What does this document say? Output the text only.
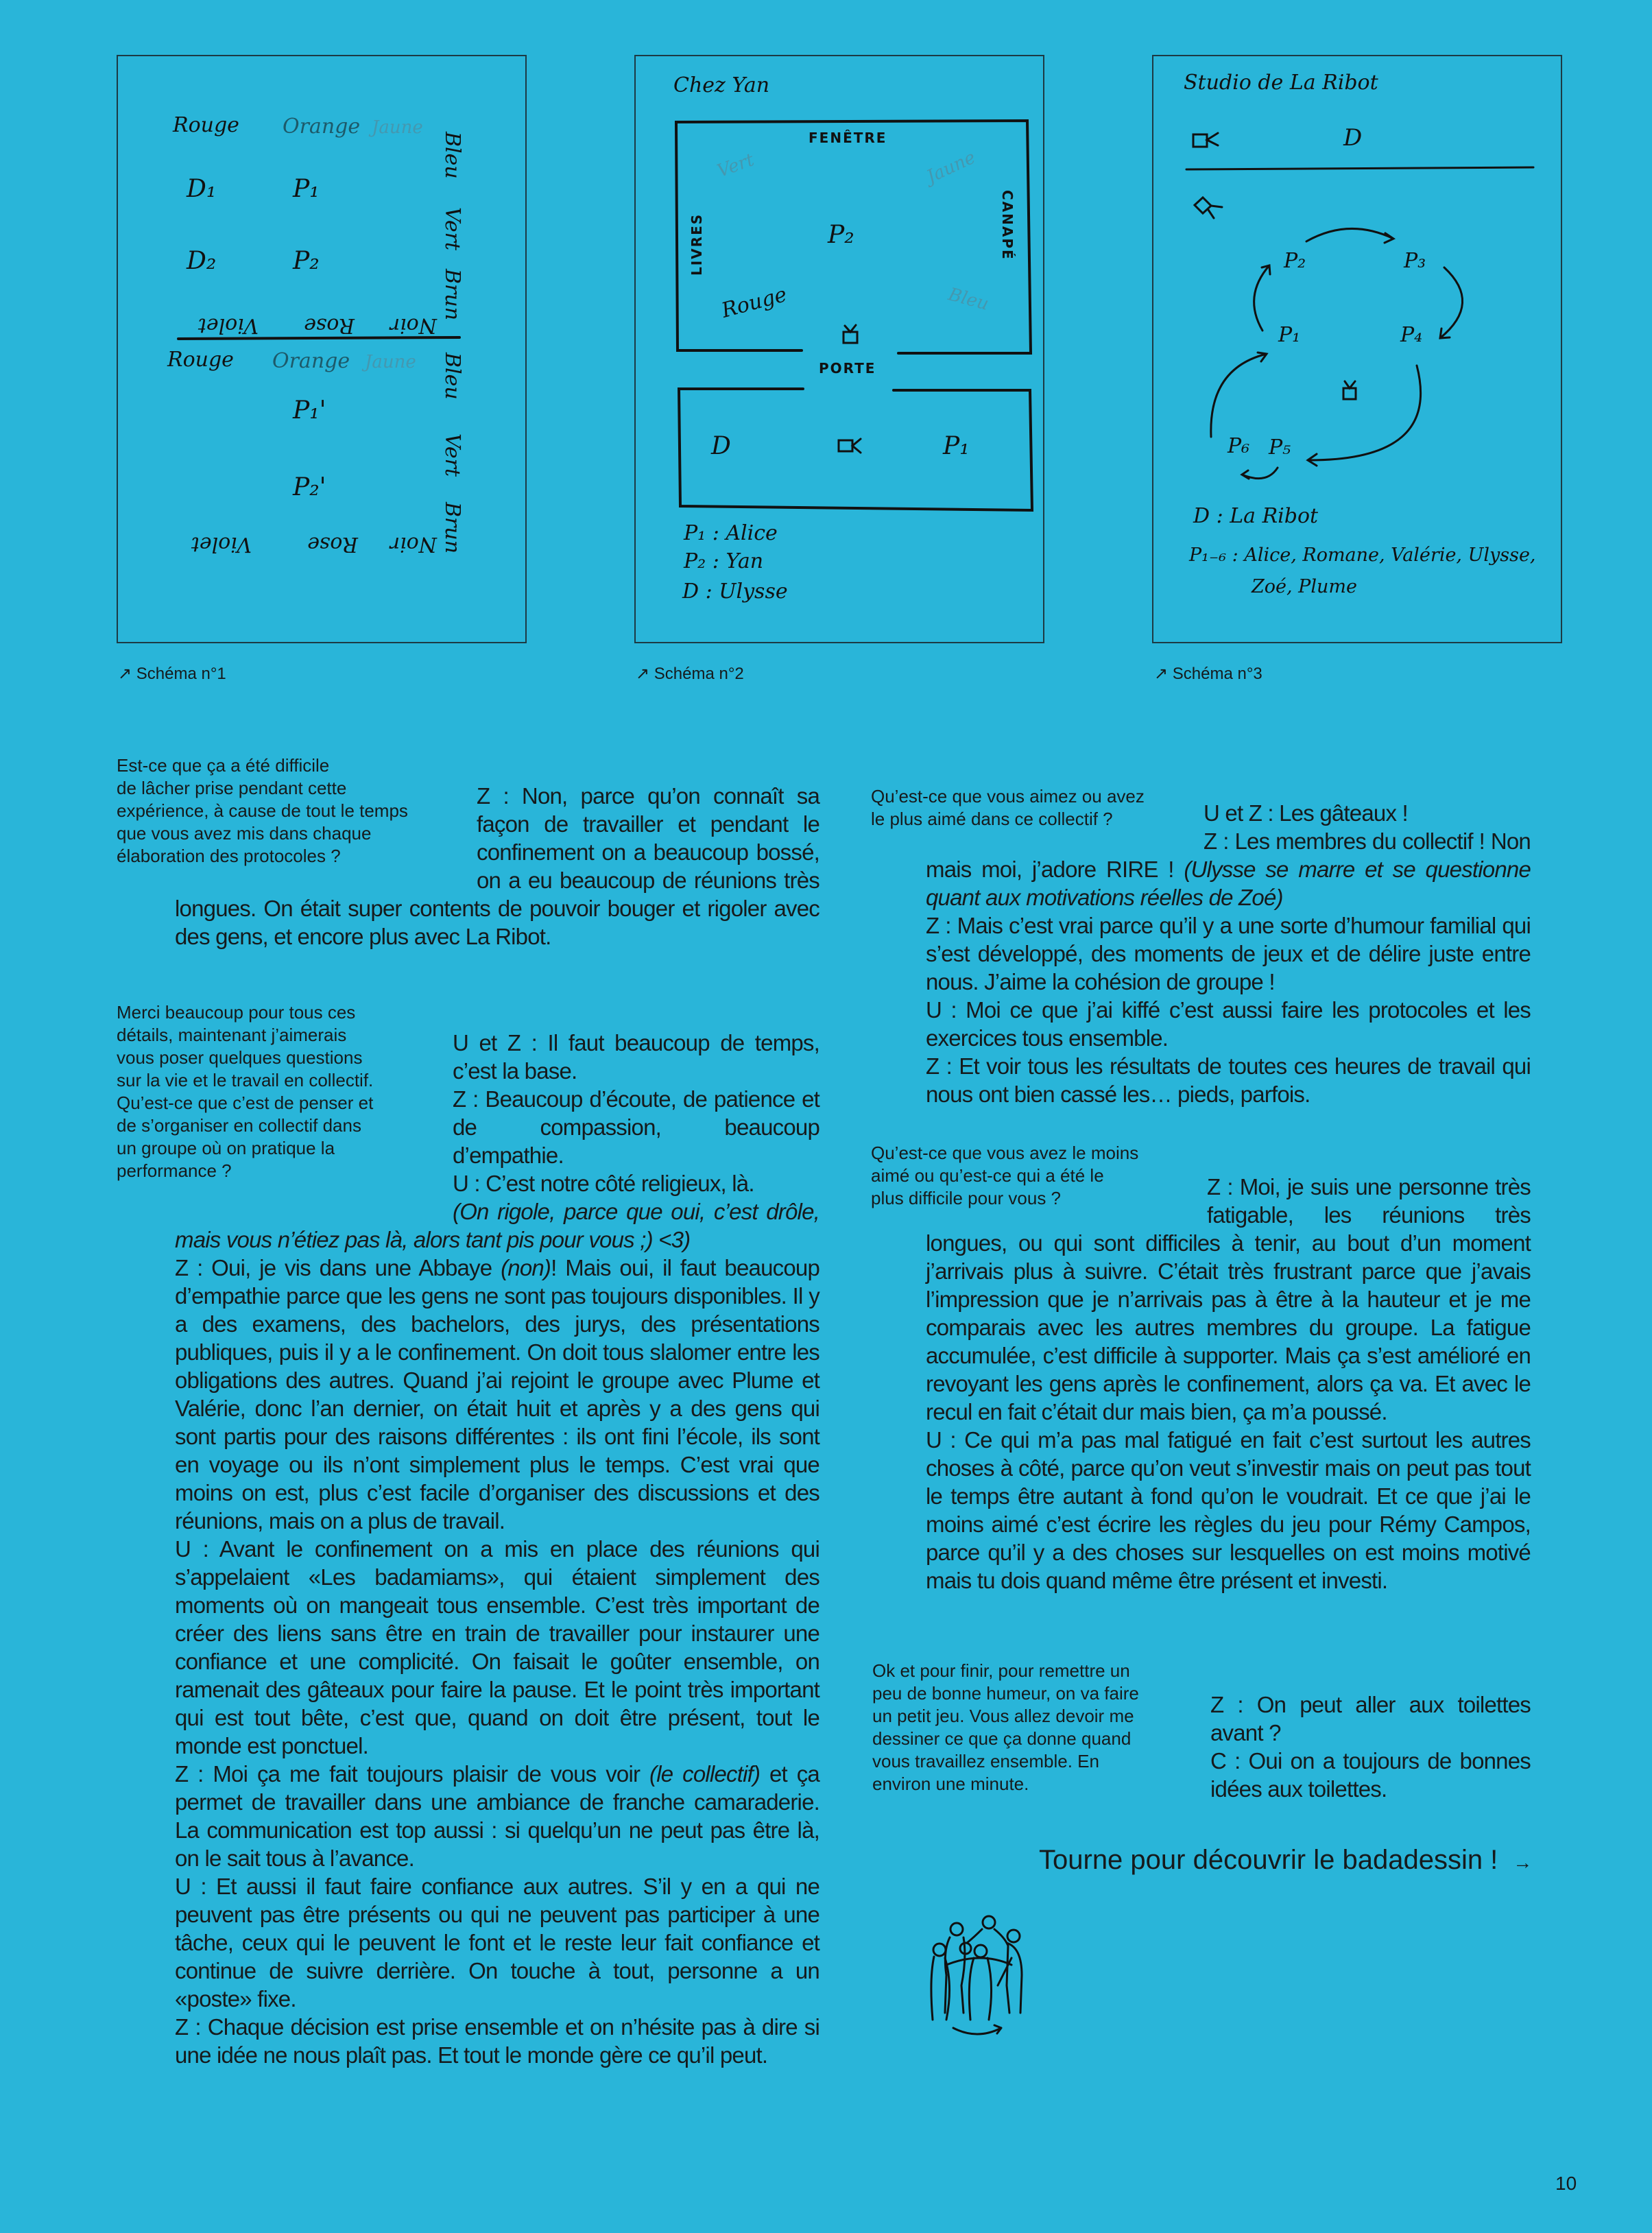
Rouge Orange Jaune
Bleu
Vert
Brun
D₁	P₁
D₂	P₂
Violet Rose Noir
Rouge Orange Jaune Bleu
Vert
Brun
P₁'
P₂'
Violet	Rose Noir
↗ Schéma n°1
Chez Yan
FENÊTRE
Vert	Jaune
LIVRES	CANAPÉ
P₂
Rouge	Bleu
PORTE
D	P₁
P₁ : Alice
P₂ : Yan
D : Ulysse
↗ Schéma n°2
Studio de La Ribot
D
P₂	P₃
P₁	P₄
P₆ P₅
D : La Ribot
P₁₋₆ : Alice, Romane, Valérie, Ulysse,
Zoé, Plume
↗ Schéma n°3
Est-ce que ça a été difficile
de lâcher prise pendant cette
expérience, à cause de tout le temps
que vous avez mis dans chaque
élaboration des protocoles ?

Z : Non, parce qu’on connaît sa façon de travailler et pendant le confinement on a beaucoup bossé, on a eu beaucoup de réunions très longues. On était super contents de pouvoir bouger et rigoler avec des gens, et encore plus avec La Ribot.

Merci beaucoup pour tous ces
détails, maintenant j’aimerais
vous poser quelques questions
sur la vie et le travail en collectif.
Qu’est-ce que c’est de penser et
de s’organiser en collectif dans
un groupe où on pratique la
performance ?

U et Z : Il faut beaucoup de temps, c’est la base.

Z : Beaucoup d’écoute, de patience et de compassion, beaucoup d’empathie.

U : C’est notre côté religieux, là.

(On rigole, parce que oui, c’est drôle, mais vous n’étiez pas là, alors tant pis pour vous ;) <3)

Z : Oui, je vis dans une Abbaye (non)! Mais oui, il faut beaucoup d’empathie parce que les gens ne sont pas toujours disponibles. Il y a des examens, des bachelors, des jurys, des présentations publiques, puis il y a le confinement. On doit tous slalomer entre les obligations des autres. Quand j’ai rejoint le groupe avec Plume et Valérie, donc l’an dernier, on était huit et après y a des gens qui sont partis pour des raisons différentes : ils ont fini l’école, ils sont en voyage ou ils n’ont simplement plus le temps. C’est vrai que moins on est, plus c’est facile d’organiser des discussions et des réunions, mais on a plus de travail.

U : Avant le confinement on a mis en place des réunions qui s’appelaient «Les badamiams», qui étaient simplement des moments où on mangeait tous ensemble. C’est très important de créer des liens sans être en train de travailler pour instaurer une confiance et une complicité. On faisait le goûter ensemble, on ramenait des gâteaux pour faire la pause. Et le point très important qui est tout bête, c’est que, quand on doit être présent, tout le monde est ponctuel.

Z : Moi ça me fait toujours plaisir de vous voir (le collectif) et ça permet de travailler dans une ambiance de franche camaraderie. La communication est top aussi : si quelqu’un ne peut pas être là, on le sait tous à l’avance.

U : Et aussi il faut faire confiance aux autres. S’il y en a qui ne peuvent pas être présents ou qui ne peuvent pas participer à une tâche, ceux qui le peuvent le font et le reste leur fait confiance et continue de suivre derrière. On touche à tout, personne a un «poste» fixe.

Z : Chaque décision est prise ensemble et on n’hésite pas à dire si une idée ne nous plaît pas. Et tout le monde gère ce qu’il peut.

Qu’est-ce que vous aimez ou avez
le plus aimé dans ce collectif ?	U et Z : Les gâteaux !

Z : Les membres du collectif ! Non mais moi, j’adore RIRE ! (Ulysse se marre et se questionne quant aux motivations réelles de Zoé)

Z : Mais c’est vrai parce qu’il y a une sorte d’humour familial qui s’est développé, des moments de jeux et de délire juste entre nous. J’aime la cohésion de groupe !

U : Moi ce que j’ai kiffé c’est aussi faire les protocoles et les exercices tous ensemble.

Z : Et voir tous les résultats de toutes ces heures de travail qui nous ont bien cassé les… pieds, parfois.

Qu’est-ce que vous avez le moins
aimé ou qu’est-ce qui a été le
plus difficile pour vous ?	Z : Moi, je suis une personne très fatigable, les réunions très longues, ou qui sont difficiles à tenir, au bout d’un moment j’arrivais plus à suivre. C’était très frustrant parce que j’avais l’impression que je n’arrivais pas à être à la hauteur et je me comparais avec les autres membres du groupe. La fatigue accumulée, c’est difficile à supporter. Mais ça s’est amélioré en revoyant les gens après le confinement, alors ça va. Et avec le recul en fait c’était dur mais bien, ça m’a poussé.

U : Ce qui m’a pas mal fatigué en fait c’est surtout les autres choses à côté, parce qu’on veut s’investir mais on peut pas tout le temps être autant à fond qu’on le voudrait. Et ce que j’ai le moins aimé c’est écrire les règles du jeu pour Rémy Campos, parce qu’il y a des choses sur lesquelles on est moins motivé mais tu dois quand même être présent et investi.

Ok et pour finir, pour remettre un
peu de bonne humeur, on va faire
un petit jeu. Vous allez devoir me
dessiner ce que ça donne quand
vous travaillez ensemble. En
environ une minute.

Z : On peut aller aux toilettes avant ?

C : Oui on a toujours de bonnes idées aux toilettes.

Tourne pour découvrir le badadessin ! →
10
